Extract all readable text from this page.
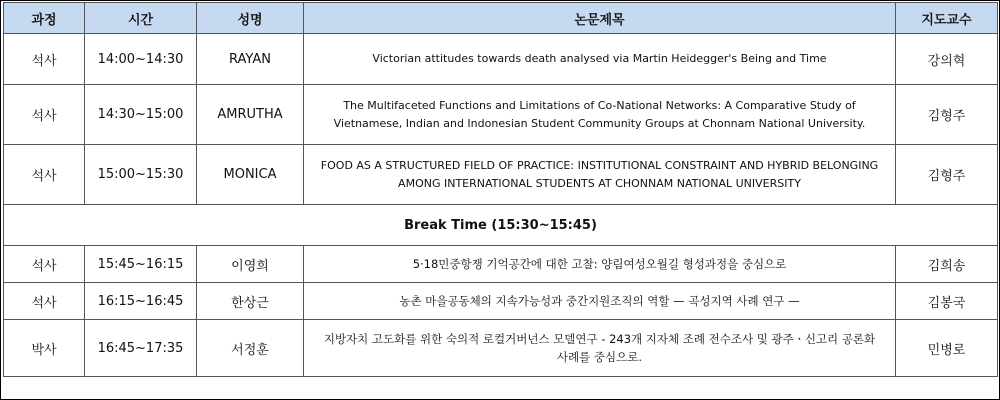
과정	시간	성명	논문제목	지도교수
석사	14:00~14:30	RAYAN	Victorian attitudes towards death analysed via Martin Heidegger's Being and Time	강의혁
석사	14:30~15:00	AMRUTHA	The Multifaceted Functions and Limitations of Co-National Networks: A Comparative Study of Vietnamese, Indian and Indonesian Student Community Groups at Chonnam National University.	김형주
석사	15:00~15:30	MONICA	FOOD AS A STRUCTURED FIELD OF PRACTICE: INSTITUTIONAL CONSTRAINT AND HYBRID BELONGING AMONG INTERNATIONAL STUDENTS AT CHONNAM NATIONAL UNIVERSITY	김형주
Break Time (15:30~15:45)				
석사	15:45~16:15	이영희	5·18민중항쟁 기억공간에 대한 고찰: 양림여성오월길 형성과정을 중심으로	김희송
석사	16:15~16:45	한상근	농촌 마을공동체의 지속가능성과 중간지원조직의 역할 — 곡성지역 사례 연구 —	김봉국
박사	16:45~17:35	서정훈	지방자치 고도화를 위한 숙의적 로컬거버넌스 모델연구 - 243개 지자체 조례 전수조사 및 광주ㆍ신고리 공론화 사례를 중심으로.	민병로
